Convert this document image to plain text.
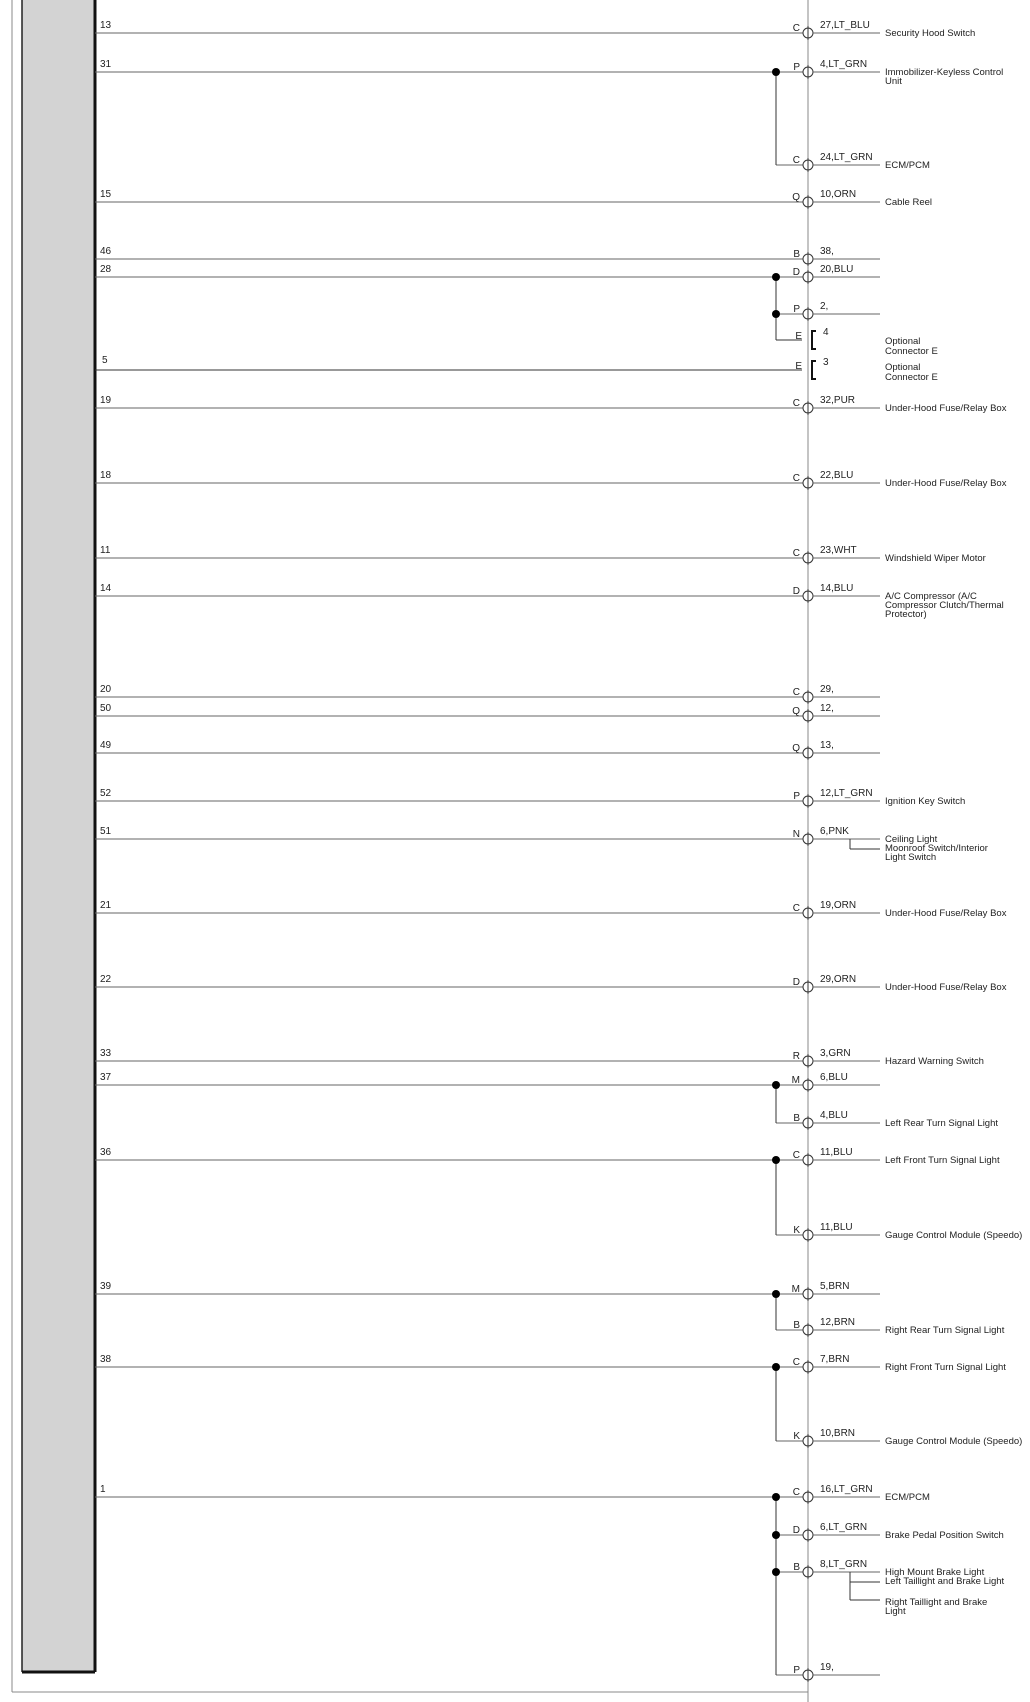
C 27,LT_BLU
13
Security Hood Switch
P 4,LT_GRN
31
Immobilizer-Keyless Control
Unit
C 24,LT_GRN
ECM/PCM
Q 10,ORN
15
Cable Reel
B 38,
46
D 20,BLU
28
P 2,
E 4
Optional
Connector E
E 3	Optional
Connector E
5
C 32,PUR
19
Under-Hood Fuse/Relay Box
C 22,BLU
18
Under-Hood Fuse/Relay Box
C 23,WHT
11
Windshield Wiper Motor
D 14,BLU
14
A/C Compressor (A/C
Compressor Clutch/Thermal
Protector)
C 29,
20
Q 12,
50
Q 13,
49
P 12,LT_GRN
52
Ignition Key Switch
N 6,PNK
51
Ceiling Light
Moonroof Switch/Interior
Light Switch
C 19,ORN
21
Under-Hood Fuse/Relay Box
D 29,ORN
22
Under-Hood Fuse/Relay Box
R 3,GRN
33
Hazard Warning Switch
M 6,BLU
37
B 4,BLU
Left Rear Turn Signal Light
C 11,BLU
36
Left Front Turn Signal Light
K 11,BLU
Gauge Control Module (Speedo)
M 5,BRN
39
B 12,BRN
Right Rear Turn Signal Light
C 7,BRN
38
Right Front Turn Signal Light
K 10,BRN
Gauge Control Module (Speedo)
C 16,LT_GRN
1
ECM/PCM
D 6,LT_GRN
Brake Pedal Position Switch
B 8,LT_GRN
High Mount Brake Light
Left Taillight and Brake Light
P 19,
Right Taillight and Brake
Light
